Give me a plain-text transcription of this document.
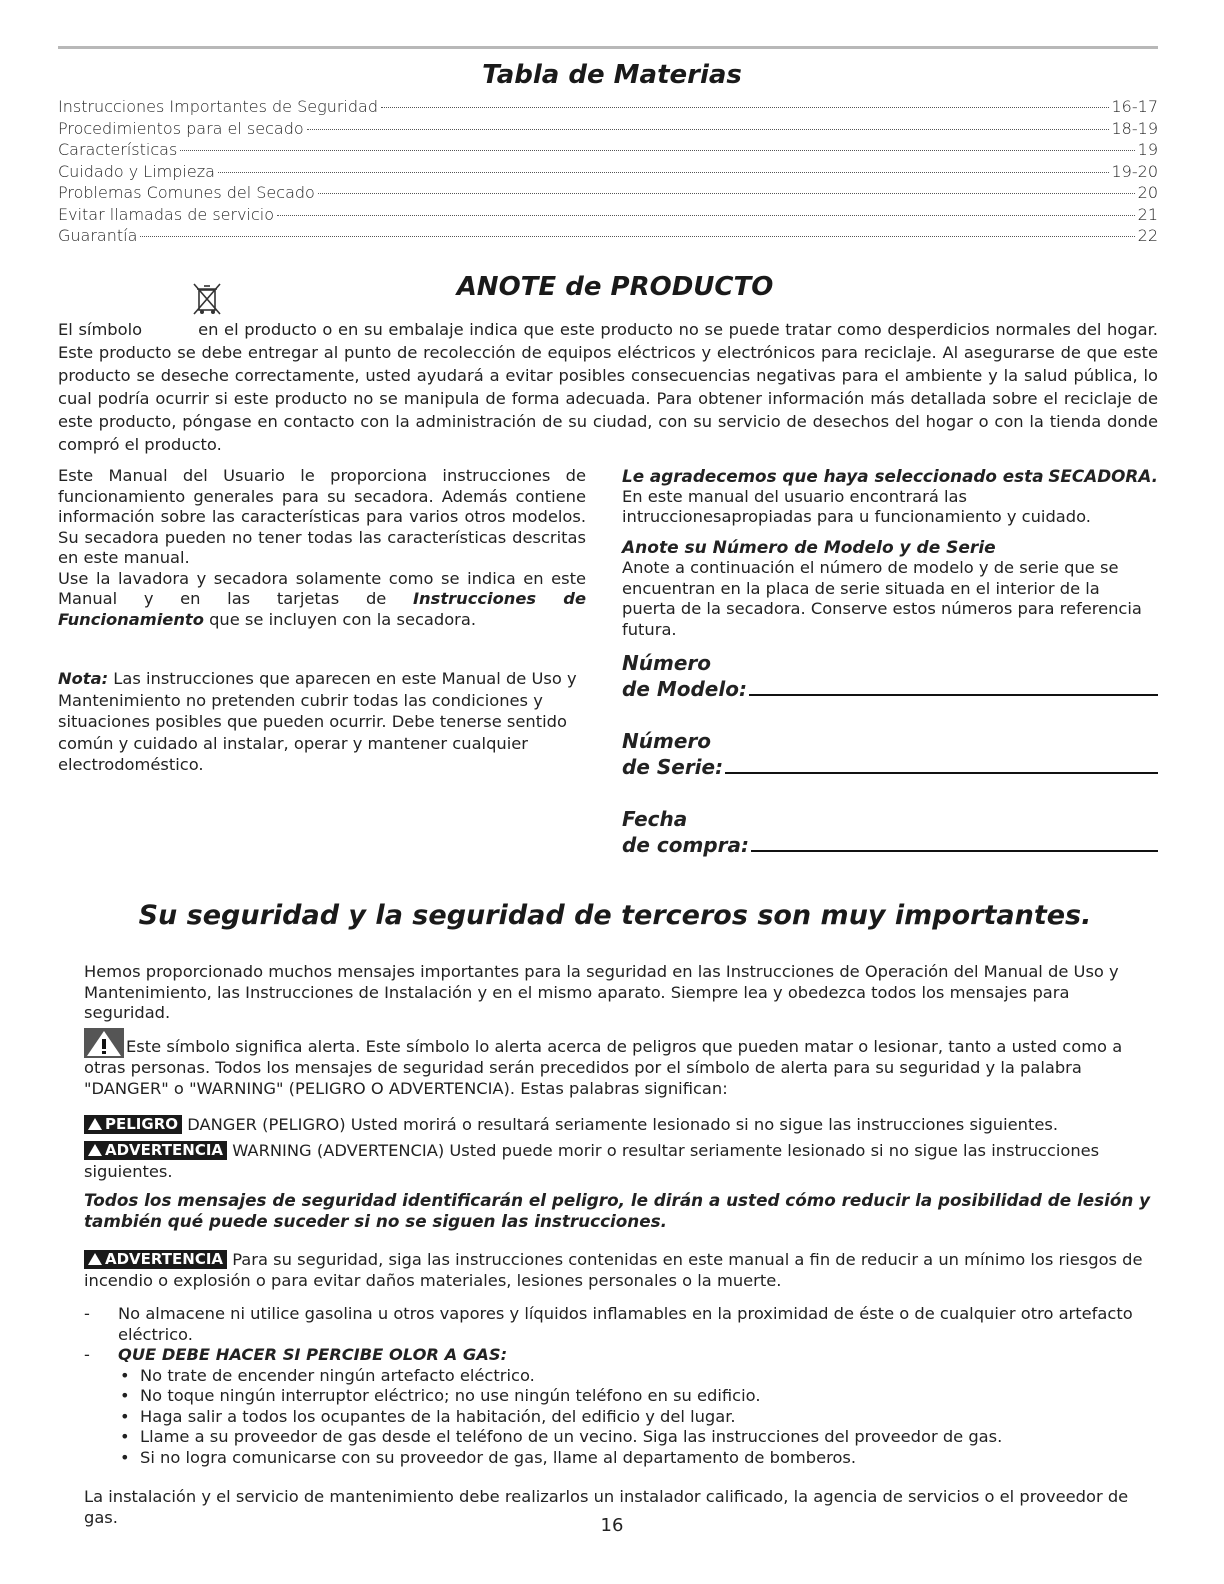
Tabla de Materias
Instrucciones Importantes de Seguridad	16-17
Procedimientos para el secado	18-19
Características	19
Cuidado y Limpieza	19-20
Problemas Comunes del Secado	20
Evitar llamadas de servicio	21
Guarantía	22
ANOTE de PRODUCTO
El símbolo	en el producto o en su embalaje indica que este producto no se puede tratar como desperdicios normales del hogar. Este producto se debe entregar al punto de recolección de equipos eléctricos y electrónicos para reciclaje. Al asegurarse de que este producto se deseche correctamente, usted ayudará a evitar posibles consecuencias negativas para el ambiente y la salud pública, lo cual podría ocurrir si este producto no se manipula de forma adecuada. Para obtener información más detallada sobre el reciclaje de este producto, póngase en contacto con la administración de su ciudad, con su servicio de desechos del hogar o con la tienda donde compró el producto.

Este Manual del Usuario le proporciona instrucciones de funcionamiento generales para su secadora. Además contiene información sobre las características para varios otros modelos. Su secadora pueden no tener todas las características descritas en este manual.

Use la lavadora y secadora solamente como se indica en este Manual y en las tarjetas de Instrucciones de Funcionamiento que se incluyen con la secadora.

Nota: Las instrucciones que aparecen en este Manual de Uso y Mantenimiento no pretenden cubrir todas las condiciones y situaciones posibles que pueden ocurrir. Debe tenerse sentido común y cuidado al instalar, operar y mantener cualquier electrodoméstico.
Le agradecemos que haya seleccionado esta SECADORA.

En este manual del usuario encontrará las intruccionesapropiadas para u funcionamiento y cuidado.

Anote su Número de Modelo y de Serie

Anote a continuación el número de modelo y de serie que se encuentran en la placa de serie situada en el interior de la puerta de la secadora. Conserve estos números para referencia futura.

Número
de Modelo:
Número
de Serie:
Fecha
de compra:
Su seguridad y la seguridad de terceros son muy importantes.
Hemos proporcionado muchos mensajes importantes para la seguridad en las Instrucciones de Operación del Manual de Uso y Mantenimiento, las Instrucciones de Instalación y en el mismo aparato. Siempre lea y obedezca todos los mensajes para seguridad.
Este símbolo significa alerta. Este símbolo lo alerta acerca de peligros que pueden matar o lesionar, tanto a usted como a otras personas. Todos los mensajes de seguridad serán precedidos por el símbolo de alerta para su seguridad y la palabra "DANGER" o "WARNING" (PELIGRO O ADVERTENCIA). Estas palabras significan:
PELIGRO DANGER (PELIGRO) Usted morirá o resultará seriamente lesionado si no sigue las instrucciones siguientes.
ADVERTENCIA WARNING (ADVERTENCIA) Usted puede morir o resultar seriamente lesionado si no sigue las instrucciones siguientes.
Todos los mensajes de seguridad identificarán el peligro, le dirán a usted cómo reducir la posibilidad de lesión y también qué puede suceder si no se siguen las instrucciones.
ADVERTENCIA Para su seguridad, siga las instrucciones contenidas en este manual a fin de reducir a un mínimo los riesgos de incendio o explosión o para evitar daños materiales, lesiones personales o la muerte.
-	No almacene ni utilice gasolina u otros vapores y líquidos inflamables en la proximidad de éste o de cualquier otro artefacto eléctrico.
-	QUE DEBE HACER SI PERCIBE OLOR A GAS:
• No trate de encender ningún artefacto eléctrico.
• No toque ningún interruptor eléctrico; no use ningún teléfono en su edificio.
• Haga salir a todos los ocupantes de la habitación, del edificio y del lugar.
• Llame a su proveedor de gas desde el teléfono de un vecino. Siga las instrucciones del proveedor de gas.
• Si no logra comunicarse con su proveedor de gas, llame al departamento de bomberos.
La instalación y el servicio de mantenimiento debe realizarlos un instalador calificado, la agencia de servicios o el proveedor de gas.	16
